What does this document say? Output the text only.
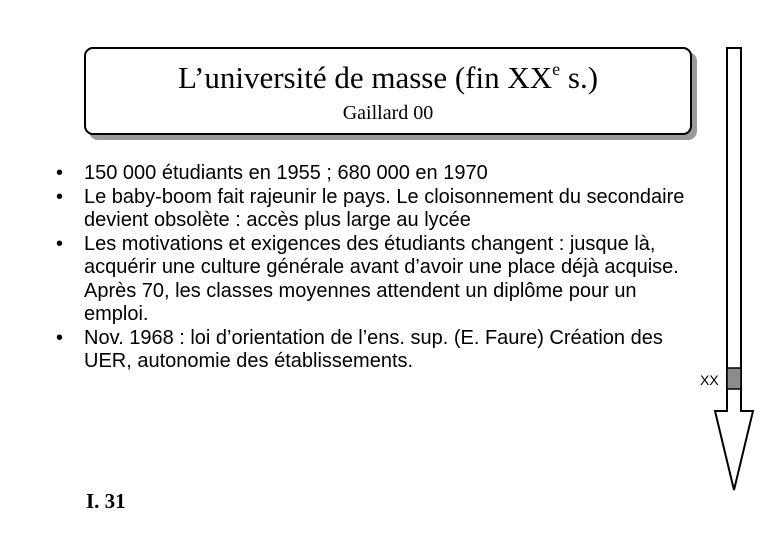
L’université de masse (fin XXe s.)
Gaillard 00
• 150 000 étudiants en 1955 ; 680 000 en 1970
• Le baby-boom fait rajeunir le pays. Le cloisonnement du secondaire devient obsolète : accès plus large au lycée
• Les motivations et exigences des étudiants changent : jusque là, acquérir une culture générale avant d’avoir une place déjà acquise. Après 70, les classes moyennes attendent un diplôme pour un emploi.
• Nov. 1968 : loi d’orientation de l’ens. sup. (E. Faure) Création des UER, autonomie des établissements.
I. 31
XX
